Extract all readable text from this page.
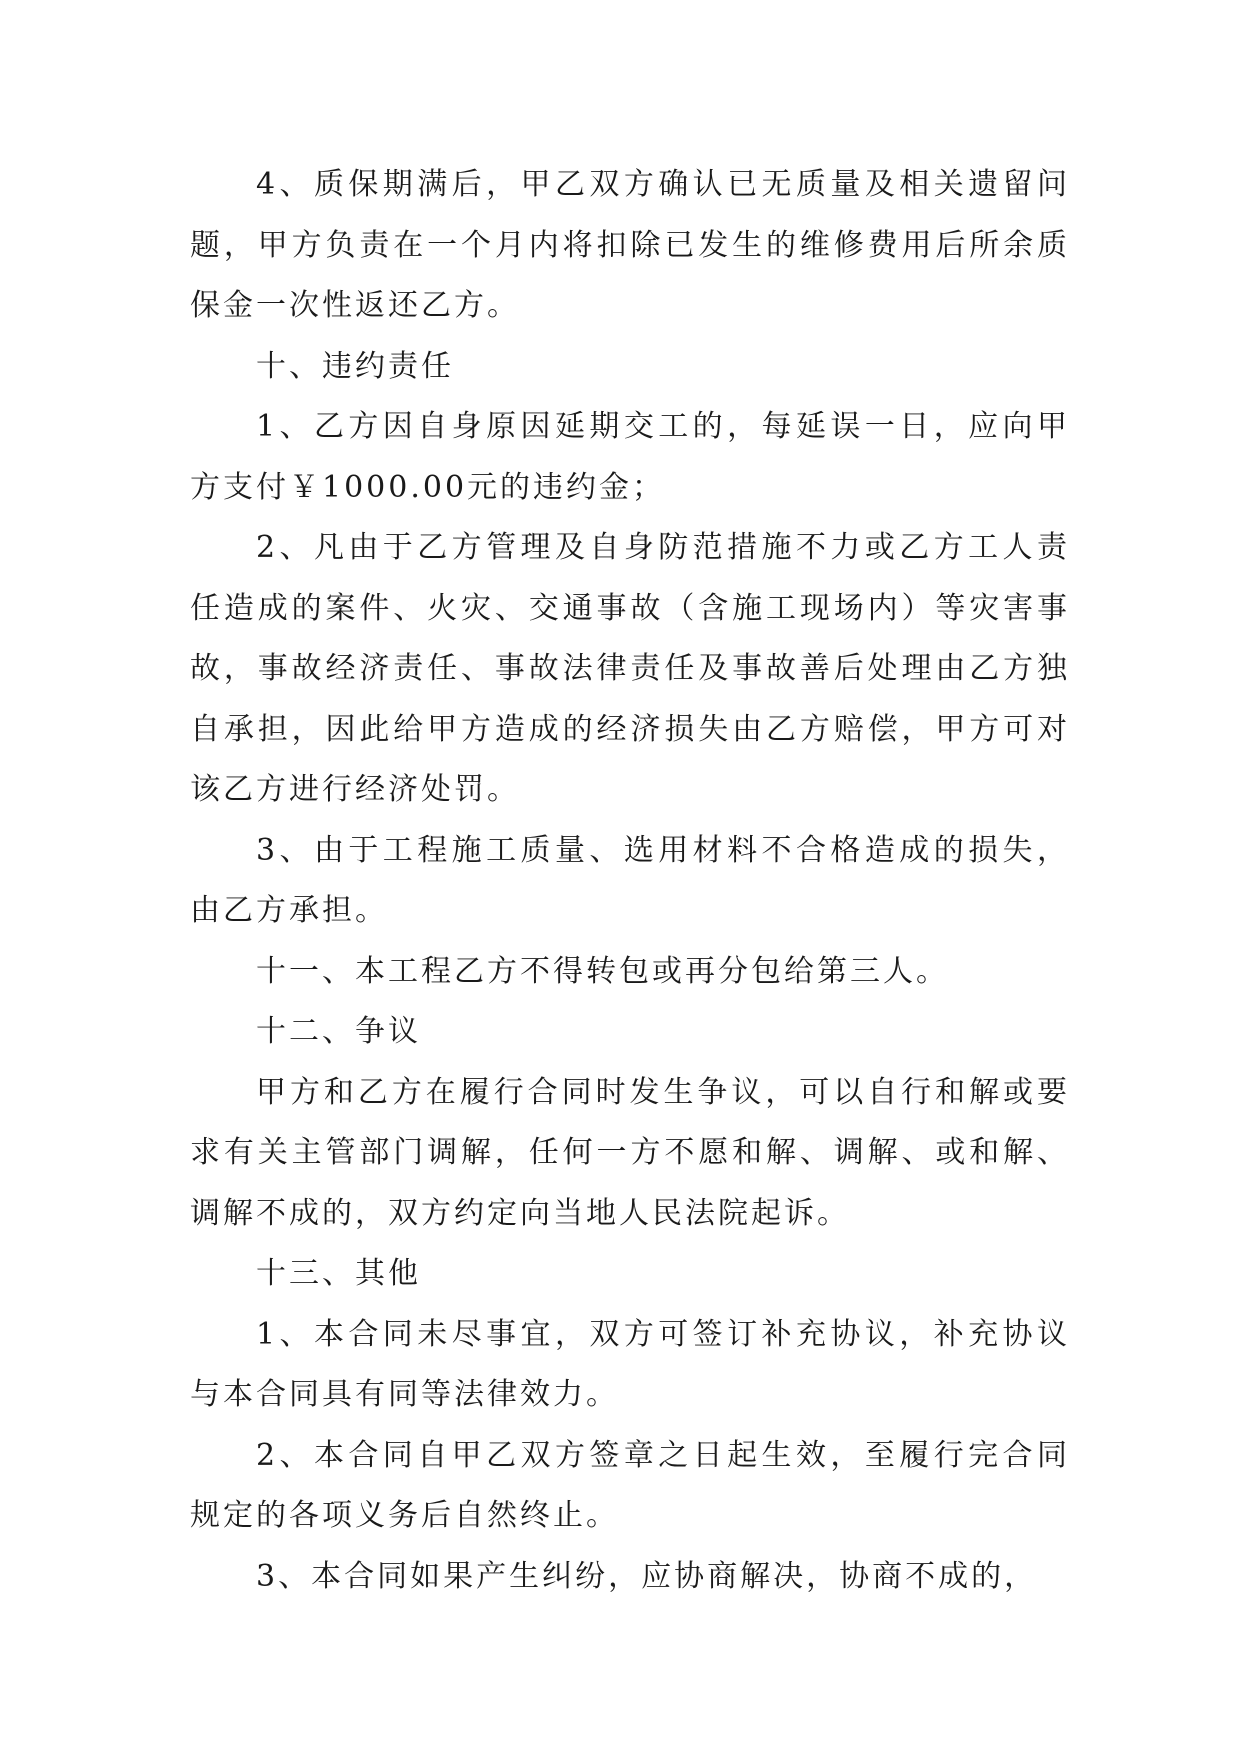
4、质保期满后，甲乙双方确认已无质量及相关遗留问题，甲方负责在一个月内将扣除已发生的维修费用后所余质保金一次性返还乙方。

十、违约责任

1、乙方因自身原因延期交工的，每延误一日，应向甲方支付￥1000.00元的违约金；

2、凡由于乙方管理及自身防范措施不力或乙方工人责任造成的案件、火灾、交通事故（含施工现场内）等灾害事故，事故经济责任、事故法律责任及事故善后处理由乙方独自承担，因此给甲方造成的经济损失由乙方赔偿，甲方可对该乙方进行经济处罚。

3、由于工程施工质量、选用材料不合格造成的损失，由乙方承担。

十一、本工程乙方不得转包或再分包给第三人。

十二、争议

甲方和乙方在履行合同时发生争议，可以自行和解或要求有关主管部门调解，任何一方不愿和解、调解、或和解、调解不成的，双方约定向当地人民法院起诉。

十三、其他

1、本合同未尽事宜，双方可签订补充协议，补充协议与本合同具有同等法律效力。

2、本合同自甲乙双方签章之日起生效，至履行完合同规定的各项义务后自然终止。

3、本合同如果产生纠纷，应协商解决，协商不成的，
